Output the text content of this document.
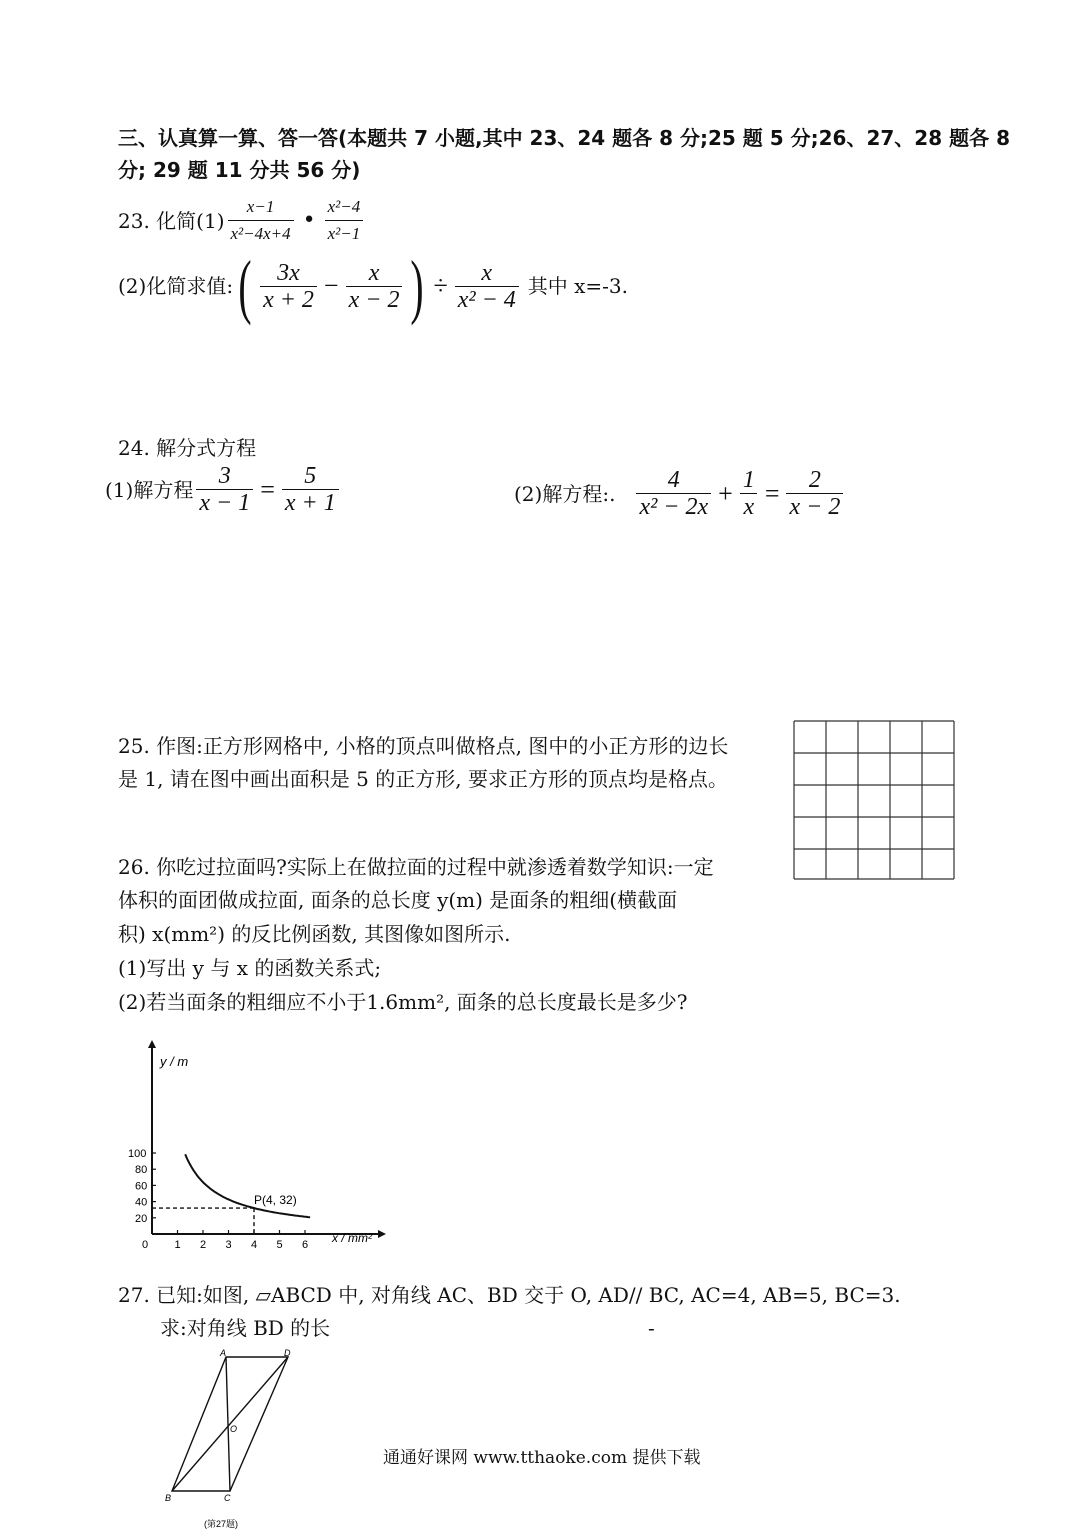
三、认真算一算、答一答(本题共 7 小题,其中 23、24 题各 8 分;25 题 5 分;26、27、28 题各 8
分; 29 题 11 分共 56 分)
23. 化简$(1) \frac{x-1}{\text{x²−4x+4}}$ • $\frac{\text{x²−4}}{\text{x²−1}}$
(2)化简求值: ( $\frac{3x}{x + 2} - \frac{x}{x - 2}$ ) ÷ $\frac{x}{\text{x² − 4}}$ 其中 x=-3.
24. 解分式方程
(1)解方程 $\frac{3}{x - 1} = \frac{5}{x + 1}$	(2)解方程:. $\frac{4}{\text{x² − 2x}} + \frac{1}{x} = \frac{2}{x - 2}$
25. 作图:正方形网格中, 小格的顶点叫做格点, 图中的小正方形的边长
是 1, 请在图中画出面积是 5 的正方形, 要求正方形的顶点均是格点。
26. 你吃过拉面吗?实际上在做拉面的过程中就渗透着数学知识:一定
体积的面团做成拉面, 面条的总长度 y(m) 是面条的粗细(横截面
积) x(mm²) 的反比例函数, 其图像如图所示.
(1)写出 y 与 x 的函数关系式;
(2)若当面条的粗细应不小于1.6mm², 面条的总长度最长是多少?
y / m
x / mm²
0 1 2 3 4 5 6
20
40
60
80
100
P(4, 32)
27. 已知:如图, ▱ABCD 中, 对角线 AC、BD 交于 O, AD// BC, AC=4, AB=5, BC=3.
求:对角线 BD 的长	-
A	D
O
B	C
(第27题)
通通好课网 www.tthaoke.com 提供下载
